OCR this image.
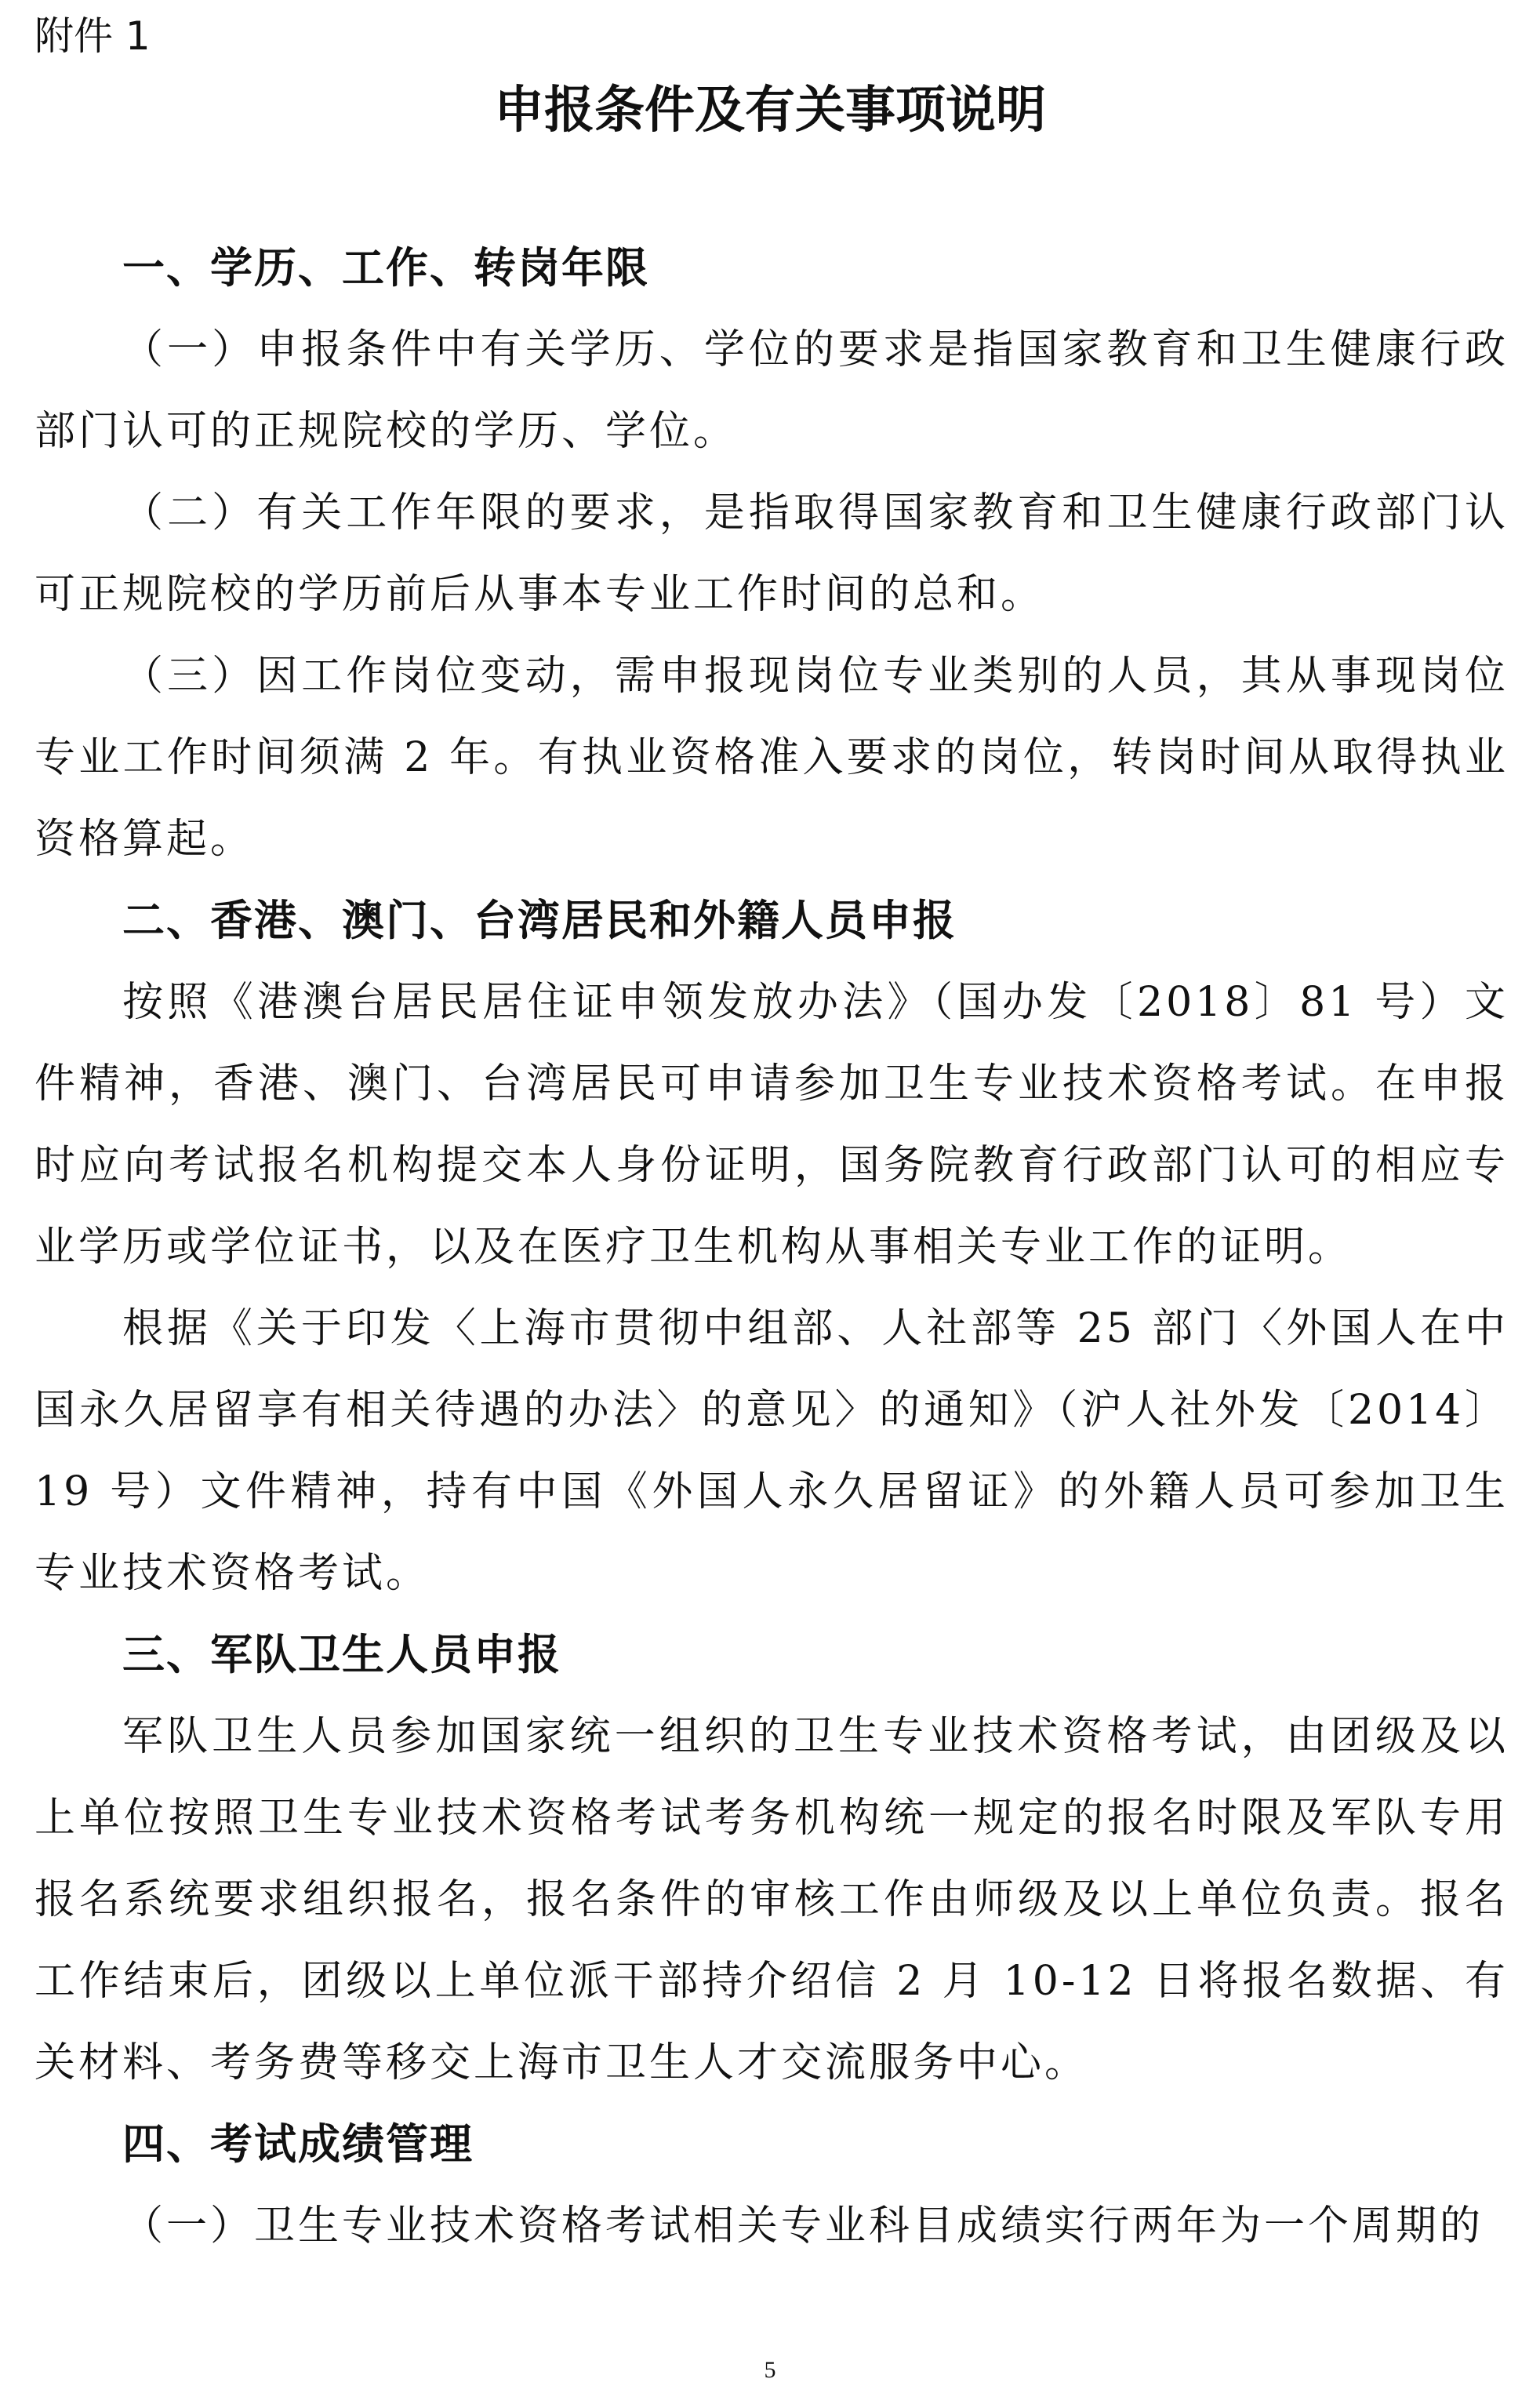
附件 1
申报条件及有关事项说明
一、学历、工作、转岗年限

（一）申报条件中有关学历、学位的要求是指国家教育和卫生健康行政部门认可的正规院校的学历、学位。

（二）有关工作年限的要求，是指取得国家教育和卫生健康行政部门认可正规院校的学历前后从事本专业工作时间的总和。

（三）因工作岗位变动，需申报现岗位专业类别的人员，其从事现岗位专业工作时间须满 2 年。有执业资格准入要求的岗位，转岗时间从取得执业资格算起。

二、香港、澳门、台湾居民和外籍人员申报

按照《港澳台居民居住证申领发放办法》（国办发〔2018〕81 号）文件精神，香港、澳门、台湾居民可申请参加卫生专业技术资格考试。在申报时应向考试报名机构提交本人身份证明，国务院教育行政部门认可的相应专业学历或学位证书，以及在医疗卫生机构从事相关专业工作的证明。

根据《关于印发〈上海市贯彻中组部、人社部等 25 部门〈外国人在中国永久居留享有相关待遇的办法〉的意见〉的通知》（沪人社外发〔2014〕19 号）文件精神，持有中国《外国人永久居留证》的外籍人员可参加卫生专业技术资格考试。

三、军队卫生人员申报

军队卫生人员参加国家统一组织的卫生专业技术资格考试，由团级及以上单位按照卫生专业技术资格考试考务机构统一规定的报名时限及军队专用报名系统要求组织报名，报名条件的审核工作由师级及以上单位负责。报名工作结束后，团级以上单位派干部持介绍信 2 月 10-12 日将报名数据、有关材料、考务费等移交上海市卫生人才交流服务中心。

四、考试成绩管理

（一）卫生专业技术资格考试相关专业科目成绩实行两年为一个周期的

5
